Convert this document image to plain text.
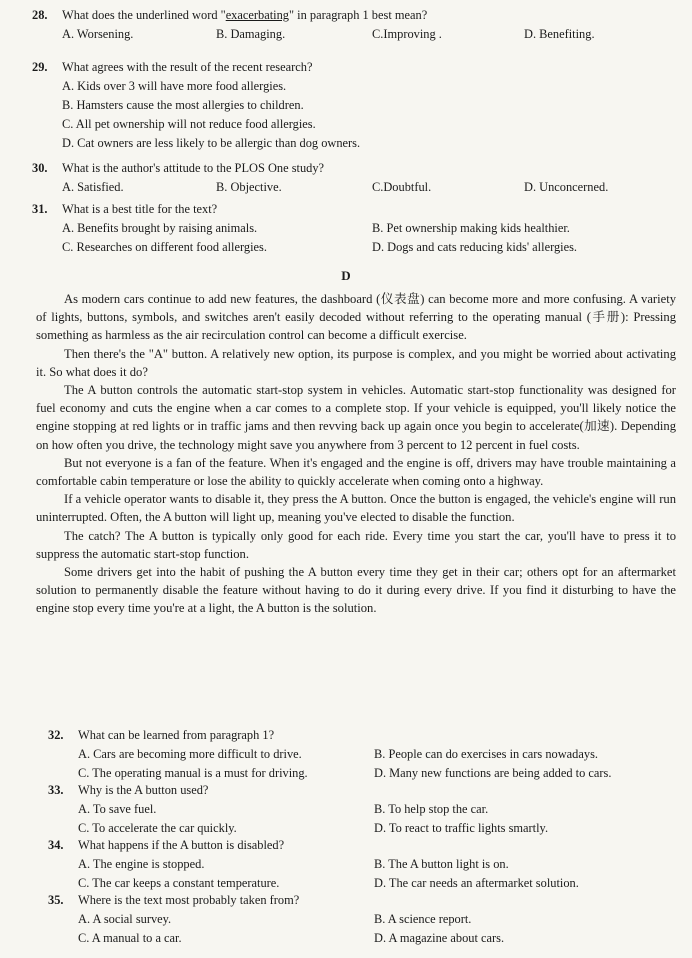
28. What does the underlined word "exacerbating" in paragraph 1 best mean?
A. Worsening.	B. Damaging.	C.Improving .	D. Benefiting.
29. What agrees with the result of the recent research?
A. Kids over 3 will have more food allergies.
B. Hamsters cause the most allergies to children.
C. All pet ownership will not reduce food allergies.
D. Cat owners are less likely to be allergic than dog owners.
30. What is the author's attitude to the PLOS One study?
A. Satisfied.	B. Objective.	C.Doubtful.	D. Unconcerned.
31. What is a best title for the text?
A. Benefits brought by raising animals.	B. Pet ownership making kids healthier.
C. Researches on different food allergies.	D. Dogs and cats reducing kids' allergies.
D

As modern cars continue to add new features, the dashboard (仪表盘) can become more and more confusing. A variety of lights, buttons, symbols, and switches aren't easily decoded without referring to the operating manual (手册): Pressing something as harmless as the air recirculation control can become a difficult exercise.

Then there's the "A" button. A relatively new option, its purpose is complex, and you might be worried about activating it. So what does it do?

The A button controls the automatic start-stop system in vehicles. Automatic start-stop functionality was designed for fuel economy and cuts the engine when a car comes to a complete stop. If your vehicle is equipped, you'll likely notice the engine stopping at red lights or in traffic jams and then revving back up again once you begin to accelerate(加速). Depending on how often you drive, the technology might save you anywhere from 3 percent to 12 percent in fuel costs.

But not everyone is a fan of the feature. When it's engaged and the engine is off, drivers may have trouble maintaining a comfortable cabin temperature or lose the ability to quickly accelerate when coming onto a highway.

If a vehicle operator wants to disable it, they press the A button. Once the button is engaged, the vehicle's engine will run uninterrupted. Often, the A button will light up, meaning you've elected to disable the function.

The catch? The A button is typically only good for each ride. Every time you start the car, you'll have to press it to suppress the automatic start-stop function.

Some drivers get into the habit of pushing the A button every time they get in their car; others opt for an aftermarket solution to permanently disable the feature without having to do it during every drive. If you find it disturbing to have the engine stop every time you're at a light, the A button is the solution.

32. What can be learned from paragraph 1?
A. Cars are becoming more difficult to drive.	B. People can do exercises in cars nowadays.
C. The operating manual is a must for driving.	D. Many new functions are being added to cars.
33. Why is the A button used?
A. To save fuel.	B. To help stop the car.
C. To accelerate the car quickly.	D. To react to traffic lights smartly.
34. What happens if the A button is disabled?
A. The engine is stopped.	B. The A button light is on.
C. The car keeps a constant temperature.	D. The car needs an aftermarket solution.
35. Where is the text most probably taken from?
A. A social survey.	B. A science report.
C. A manual to a car.	D. A magazine about cars.
